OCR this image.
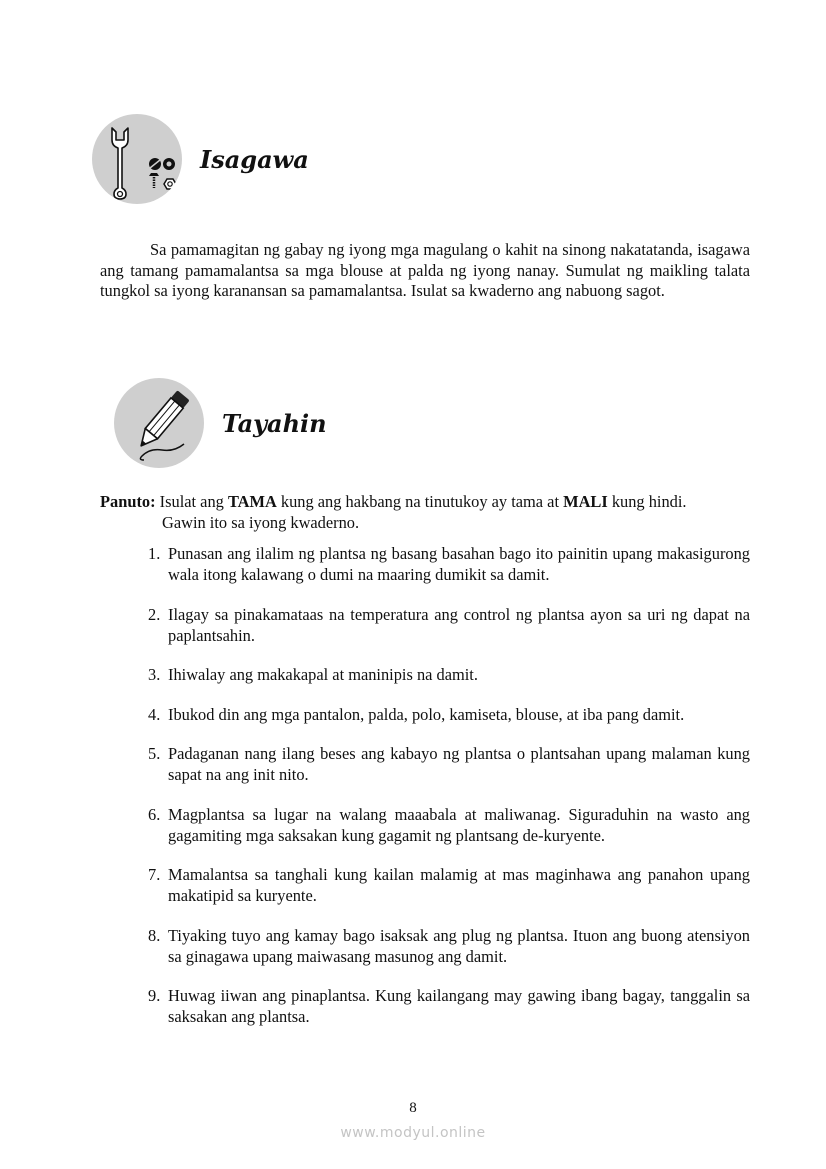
Isagawa
Sa pamamagitan ng gabay ng iyong mga magulang o kahit na sinong nakatatanda, isagawa ang tamang pamamalantsa sa mga blouse at palda ng iyong nanay. Sumulat ng maikling talata tungkol sa iyong karanansan sa pamamalantsa. Isulat sa kwaderno ang nabuong sagot.
Tayahin
Panuto: Isulat ang TAMA kung ang hakbang na tinutukoy ay tama at MALI kung hindi.
Gawin ito sa iyong kwaderno.
1. Punasan ang ilalim ng plantsa ng basang basahan bago ito painitin upang makasigurong wala itong kalawang o dumi na maaring dumikit sa damit.
2. Ilagay sa pinakamataas na temperatura ang control ng plantsa ayon sa uri ng dapat na paplantsahin.
3. Ihiwalay ang makakapal at maninipis na damit.
4. Ibukod din ang mga pantalon, palda, polo, kamiseta, blouse, at iba pang damit.
5. Padaganan nang ilang beses ang kabayo ng plantsa o plantsahan upang malaman kung sapat na ang init nito.
6. Magplantsa sa lugar na walang maaabala at maliwanag. Siguraduhin na wasto ang gagamiting mga saksakan kung gagamit ng plantsang de-kuryente.
7. Mamalantsa sa tanghali kung kailan malamig at mas maginhawa ang panahon upang makatipid sa kuryente.
8. Tiyaking tuyo ang kamay bago isaksak ang plug ng plantsa. Ituon ang buong atensiyon sa ginagawa upang maiwasang masunog ang damit.
9. Huwag iiwan ang pinaplantsa. Kung kailangang may gawing ibang bagay, tanggalin sa saksakan ang plantsa.
8
www.modyul.online
